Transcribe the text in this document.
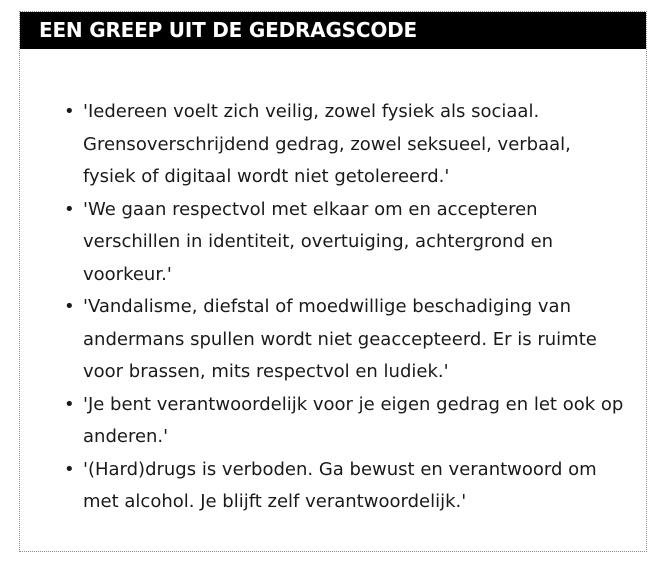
EEN GREEP UIT DE GEDRAGSCODE
• 'Iedereen voelt zich veilig, zowel fysiek als sociaal. Grensoverschrijdend gedrag, zowel seksueel, verbaal, fysiek of digitaal wordt niet getolereerd.'
• 'We gaan respectvol met elkaar om en accepteren verschillen in identiteit, overtuiging, achtergrond en voorkeur.'
• 'Vandalisme, diefstal of moedwillige beschadiging van andermans spullen wordt niet geaccepteerd. Er is ruimte voor brassen, mits respectvol en ludiek.'
• 'Je bent verantwoordelijk voor je eigen gedrag en let ook op anderen.'
• '(Hard)drugs is verboden. Ga bewust en verantwoord om met alcohol. Je blijft zelf verantwoordelijk.'
